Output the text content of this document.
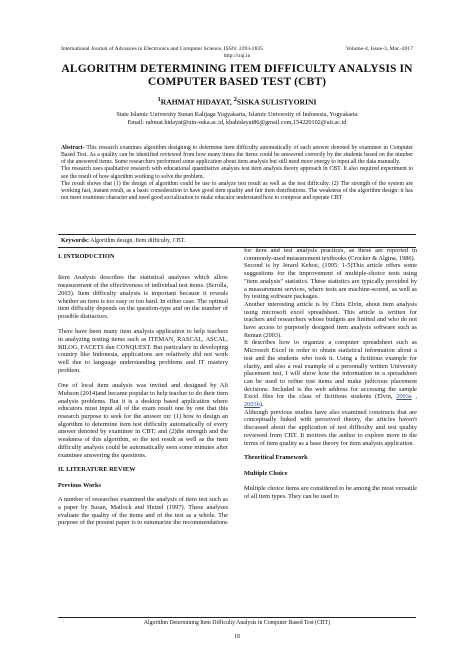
International Journal of Advances in Electronics and Computer Science, ISSN: 2393-2835	Volume-4, Issue-3, Mar.-2017
http://iraj.in
ALGORITHM DETERMINING ITEM DIFFICULTY ANALYSIS IN
COMPUTER BASED TEST (CBT)
$^1$RAHMAT HIDAYAT, $^2$SISKA SULISTYORINI
State Islamic University Sunan Kalijaga Yogyakarta, Islamic University of Indonesia, Yogyakarta
Email: rahmat.hidayat@uin-suka.ac.id, khahidayat86@gmail.com,154220102@uii.ac.id

Abstract- This research examines algorithm designing to determine item difficulty automatically of each answer denoted by examinee in Computer Based Test. As a quality can be identified reviewed from how many times the items could be answered correctly by the students based on the number of the answered items. Some researchers performed some application about item analysis but still need more energy to input all the data manually.

The research uses qualitative research with educational quantitative analysis test item analysis theory approach in CBT. It also required experiment to see the result of how algorithm working to solve the problem.

The result shows that (1) the design of algorithm could be use to analyze test result as well as the test difficulty. (2) The strength of the system are working fast, instant result, as a basic consideration to have good item quality and fair item distributions. The weakness of the algorithm design: it has not meet examinee character and need good socialization to make educator understand how to compose and operate CBT

Keywords: Algorithm design, Item difficulty, CBT.

I. INTRODUCTION

Item Analysis describes the statistical analyses which allow measurement of the effectiveness of individual test items. (Scrolla, 2003). Item difficulty analysis is important because it reveals whether an item is too easy or too hard. In either case. The optimal item difficulty depends on the question-type and on the number of possible distractors.

There have been many item analysis application to help teachers in analyzing testing items such as ITEMAN, RASCAL, ASCAL, BILOG, FACETS dan CONQUEST. But particulary in developing country like Indonesia, applications are relatively did not work well due to language understanding problems and IT mastery problem.

One of local item analysis was invited and designed by Ali Muhson (2014)and became popular to help teacher to do their item analysis problems. But it is a desktop based application where educators must input all of the exam result one by one that this research purpose to seek for the answer on: (1) how to design an algorithm to determine item test difficulty automatically of every answer denoted by examinee in CBT; and (2)the strength and the weakness of this algorithm, so the test result as well as the item difficulty analysis could be automatically seen some minutes after examinee answering the questions.

II. LITERATURE REVIEW

Previous Works

A number of researches examined the analysis of item test such as a paper by Susan, Matlock and Hetzel (1997). These analyses evaluate the quality of the items and of the test as a whole. The purpose of the present paper is to summarize the recommendations

for item and test analysis practices, as these are reported in commonly-used measurement textbooks (Crocker & Algina, 1986).

Second is by Jerard Kehoe, (1995: 1-5)This article offers some suggestions for the improvement of multiple-choice tests using "item analysis" statistics. These statistics are typically provided by a measurement services, where tests are machine-scored, as well as by testing software packages.

Another interesting article is by Chris Elvin, about item analysis using microsoft excel spreadsheet. This article is written for teachers and researchers whose budgets are limited and who do not have access to purposely designed item analysis software such as Iteman (2003).

It describes how to organize a computer spreadsheet such as Microsoft Excel in order to obtain statistical information about a test and the students who took it. Using a fictitious example for clarity, and also a real example of a personally written University placement test, I will show how the information in a spreadsheet can be used to refine test items and make judicious placement decisions. Included is the web address for accessing the sample Excel files for the class of fictitious students (Elvin, 2003a , 2003b).

Although previous studies have also examined constructs that are conceptually linked with perceived theory, the articles haven't discussed about the application of test difficulty and test quality reviewed from CBT. It motives the author to explore more in the terms of item quality as a base theory for item analysis application.

Theoritical Framework

Multiple Choice

Multiple choice items are considered to be among the most versatile of all item types. They can be used to

Algorithm Determining Item Difficulty Analysis in Computer Based Test (CBT)
18
